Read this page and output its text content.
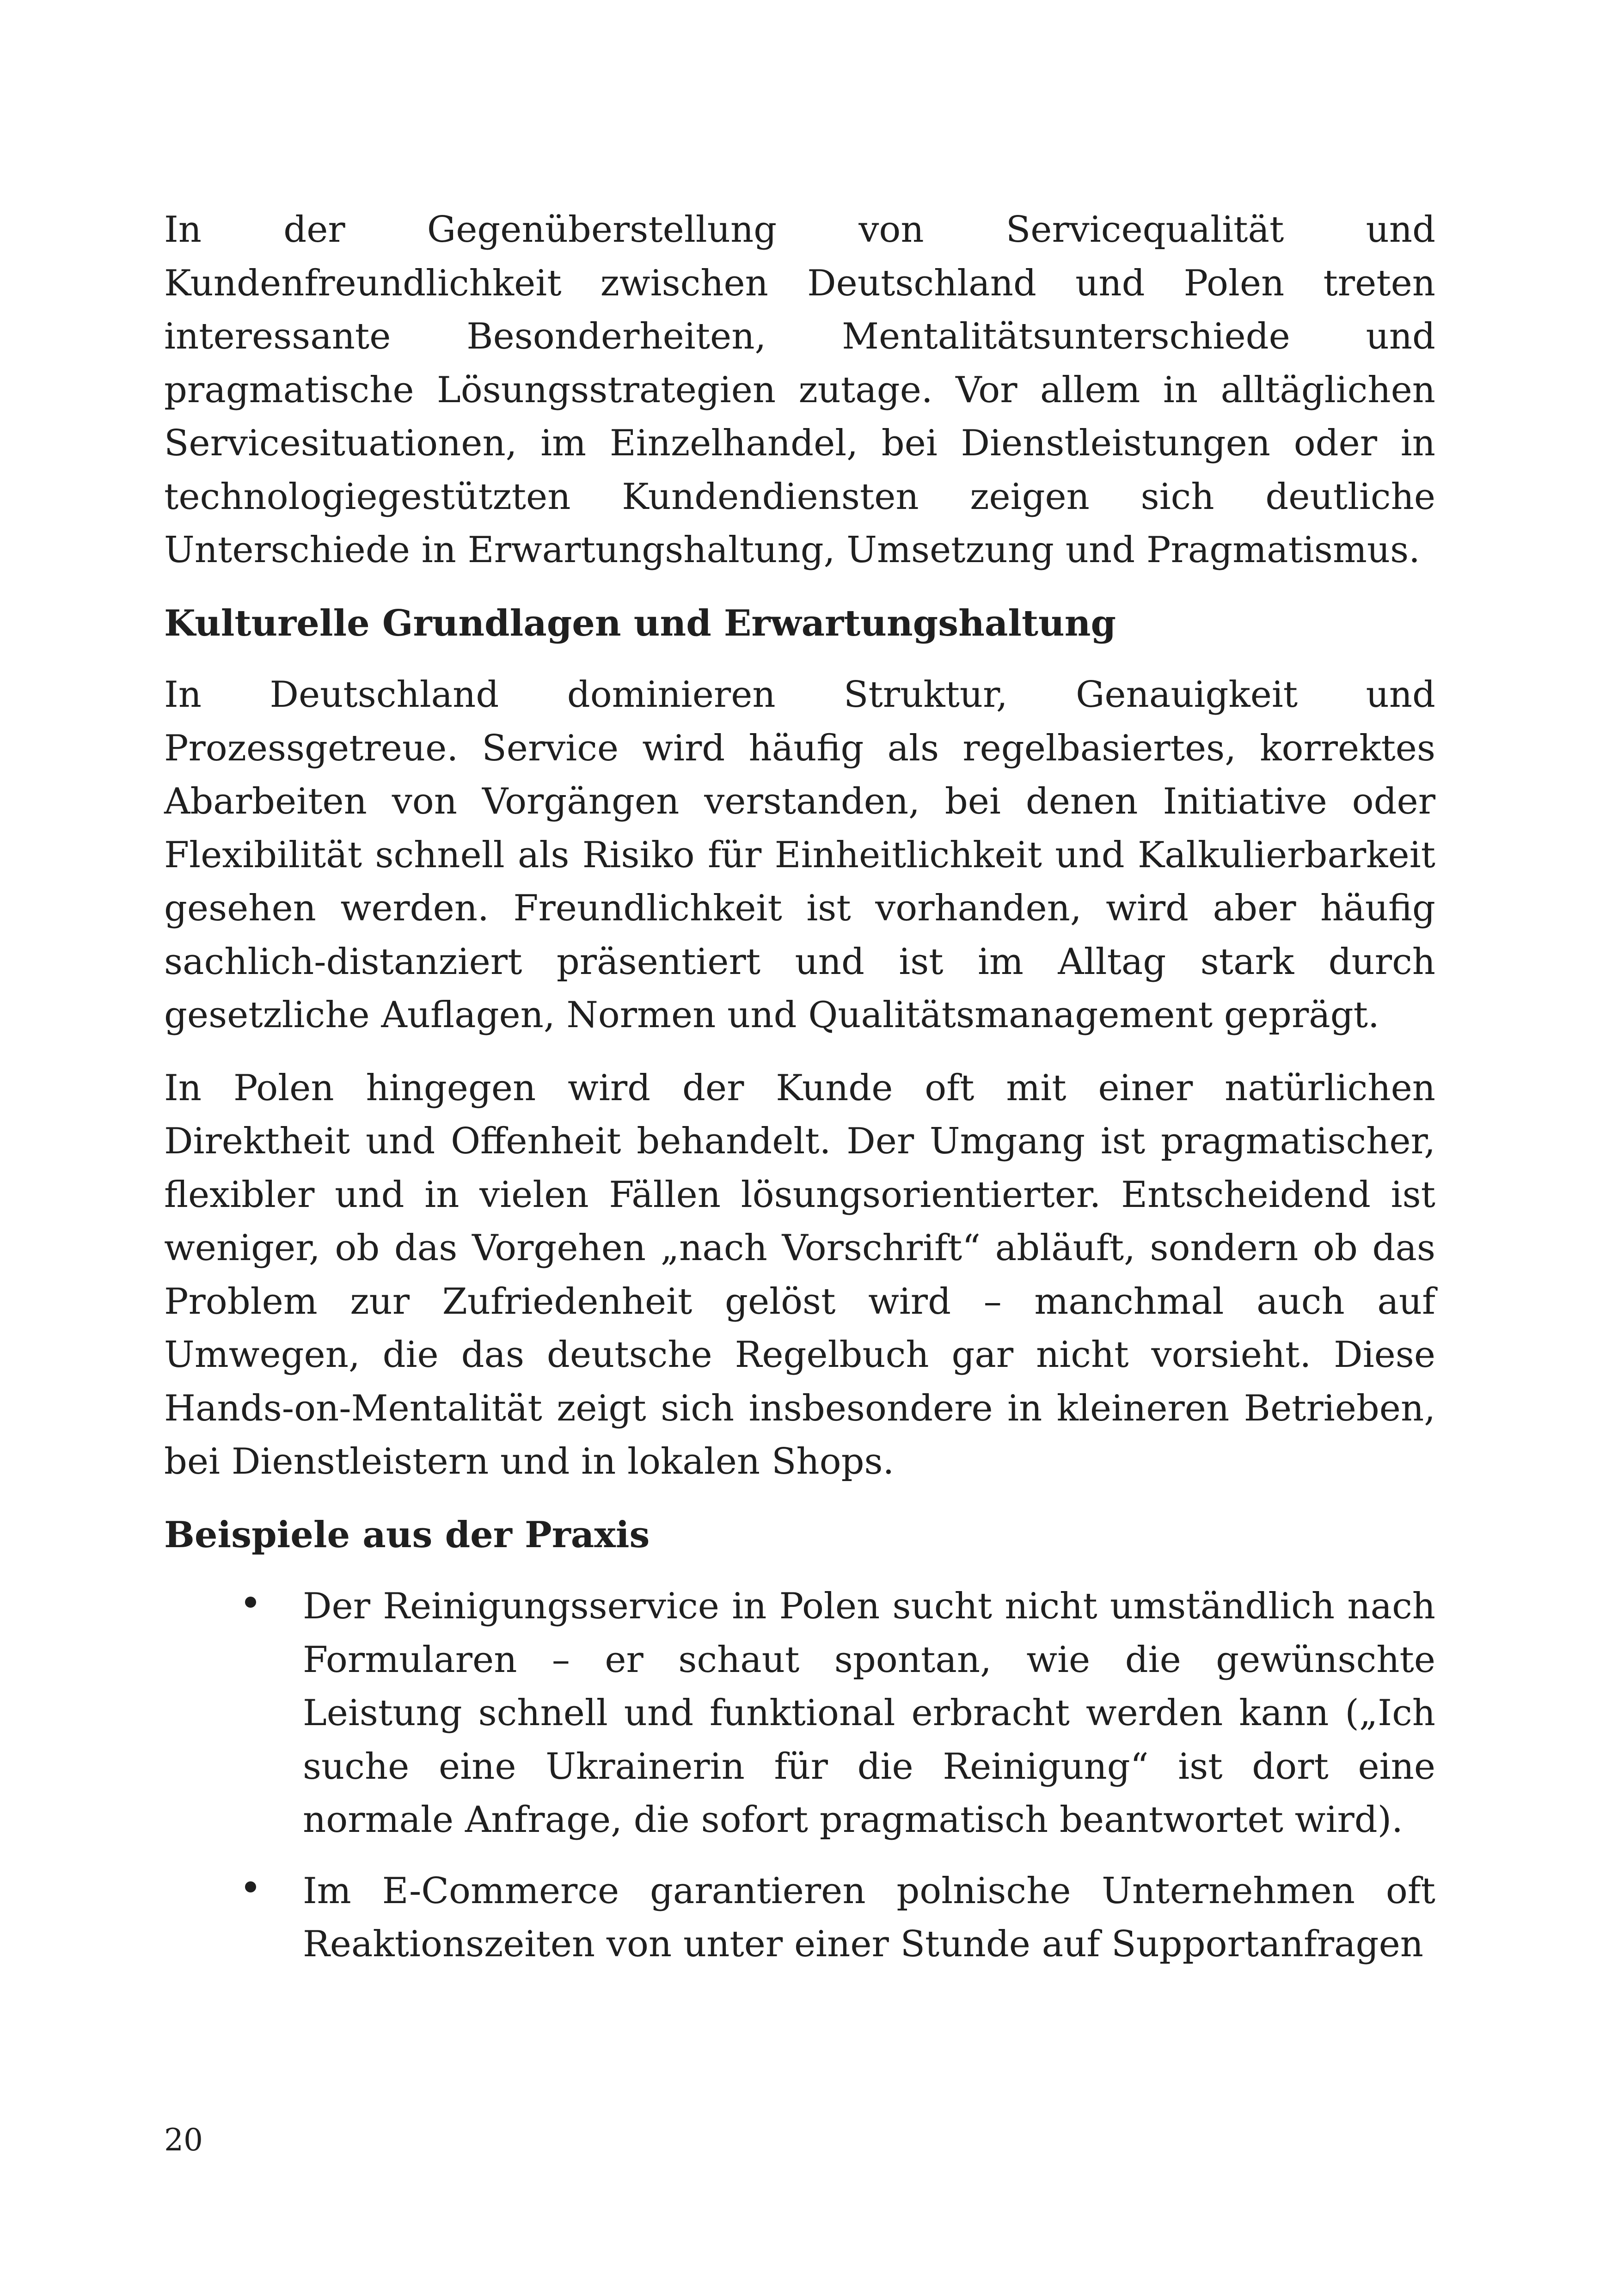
In der Gegenüberstellung von Servicequalität und Kundenfreundlichkeit zwischen Deutschland und Polen treten interessante Besonderheiten, Mentalitätsunterschiede und pragmatische Lösungsstrategien zutage. Vor allem in alltäglichen Servicesituationen, im Einzelhandel, bei Dienstleistungen oder in technologiegestützten Kundendiensten zeigen sich deutliche Unterschiede in Erwartungshaltung, Umsetzung und Pragmatismus.

Kulturelle Grundlagen und Erwartungshaltung

In Deutschland dominieren Struktur, Genauigkeit und Prozessgetreue. Service wird häufig als regelbasiertes, korrektes Abarbeiten von Vorgängen verstanden, bei denen Initiative oder Flexibilität schnell als Risiko für Einheitlichkeit und Kalkulierbarkeit gesehen werden. Freundlichkeit ist vorhanden, wird aber häufig sachlich-distanziert präsentiert und ist im Alltag stark durch gesetzliche Auflagen, Normen und Qualitätsmanagement geprägt.

In Polen hingegen wird der Kunde oft mit einer natürlichen Direktheit und Offenheit behandelt. Der Umgang ist pragmatischer, flexibler und in vielen Fällen lösungsorientierter. Entscheidend ist weniger, ob das Vorgehen „nach Vorschrift“ abläuft, sondern ob das Problem zur Zufriedenheit gelöst wird – manchmal auch auf Umwegen, die das deutsche Regelbuch gar nicht vorsieht. Diese Hands-on-Mentalität zeigt sich insbesondere in kleineren Betrieben, bei Dienstleistern und in lokalen Shops.

Beispiele aus der Praxis

Der Reinigungsservice in Polen sucht nicht umständlich nach Formularen – er schaut spontan, wie die gewünschte Leistung schnell und funktional erbracht werden kann („Ich suche eine Ukrainerin für die Reinigung“ ist dort eine normale Anfrage, die sofort pragmatisch beantwortet wird).

Im E-Commerce garantieren polnische Unternehmen oft Reaktionszeiten von unter einer Stunde auf Supportanfragen

20
